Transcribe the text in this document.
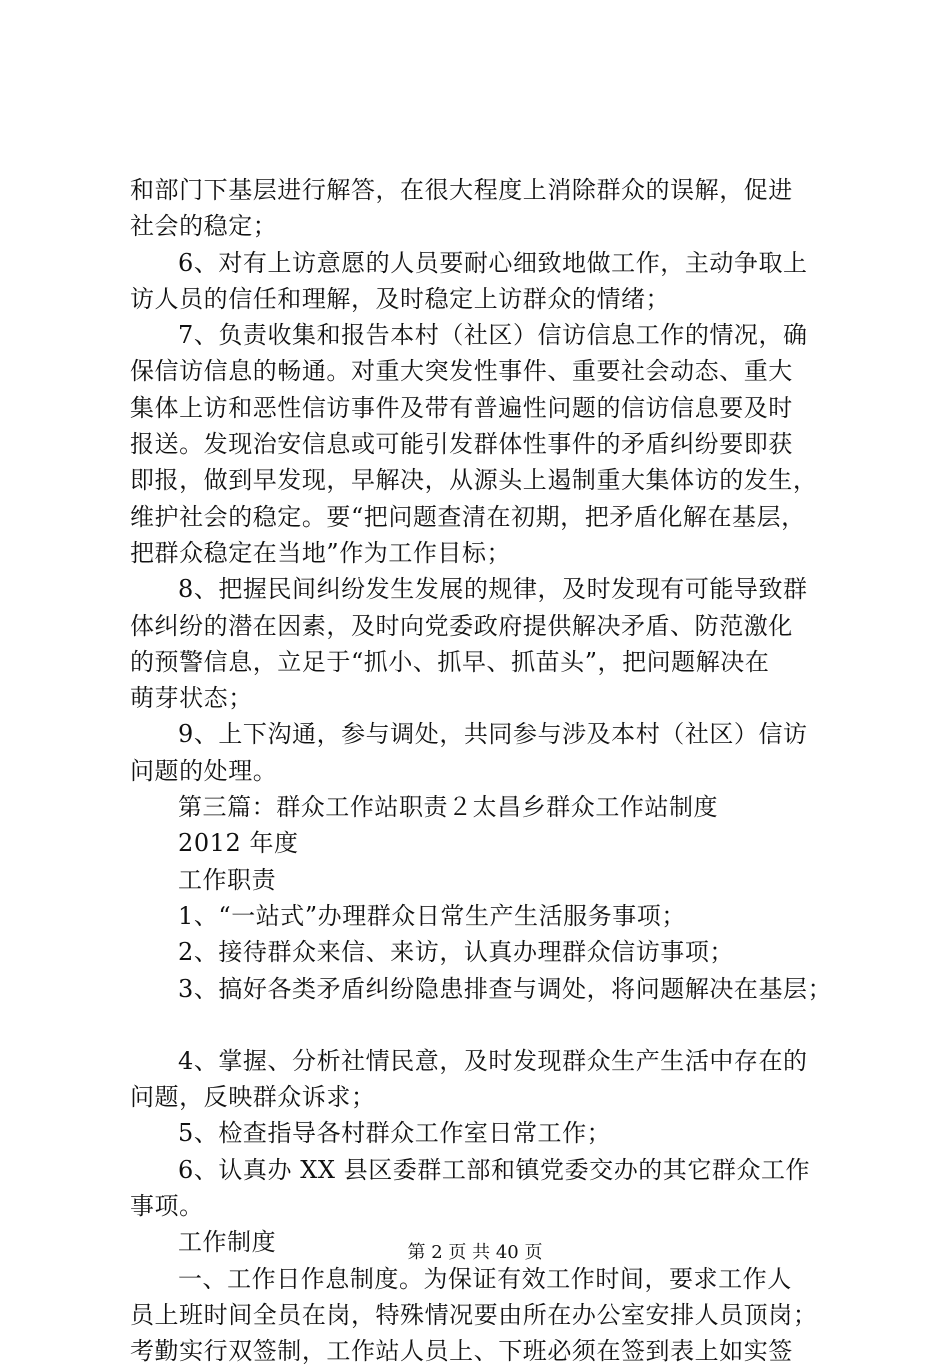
和部门下基层进行解答，在很大程度上消除群众的误解，促进
社会的稳定；
6、对有上访意愿的人员要耐心细致地做工作，主动争取上
访人员的信任和理解，及时稳定上访群众的情绪；
7、负责收集和报告本村（社区）信访信息工作的情况，确
保信访信息的畅通。对重大突发性事件、重要社会动态、重大
集体上访和恶性信访事件及带有普遍性问题的信访信息要及时
报送。发现治安信息或可能引发群体性事件的矛盾纠纷要即获
即报，做到早发现，早解决，从源头上遏制重大集体访的发生，
维护社会的稳定。要“把问题查清在初期，把矛盾化解在基层，
把群众稳定在当地”作为工作目标；
8、把握民间纠纷发生发展的规律，及时发现有可能导致群
体纠纷的潜在因素，及时向党委政府提供解决矛盾、防范激化
的预警信息，立足于“抓小、抓早、抓苗头”，把问题解决在
萌芽状态；
9、上下沟通，参与调处，共同参与涉及本村（社区）信访
问题的处理。
第三篇：群众工作站职责２太昌乡群众工作站制度
2012 年度
工作职责
1、“一站式”办理群众日常生产生活服务事项；
2、接待群众来信、来访，认真办理群众信访事项；
3、搞好各类矛盾纠纷隐患排查与调处，将问题解决在基层；
4、掌握、分析社情民意，及时发现群众生产生活中存在的
问题，反映群众诉求；
5、检查指导各村群众工作室日常工作；
6、认真办 XX 县区委群工部和镇党委交办的其它群众工作
事项。
工作制度
一、工作日作息制度。为保证有效工作时间，要求工作人
员上班时间全员在岗，特殊情况要由所在办公室安排人员顶岗；
考勤实行双签制，工作站人员上、下班必须在签到表上如实签
第 2 页 共 40 页
